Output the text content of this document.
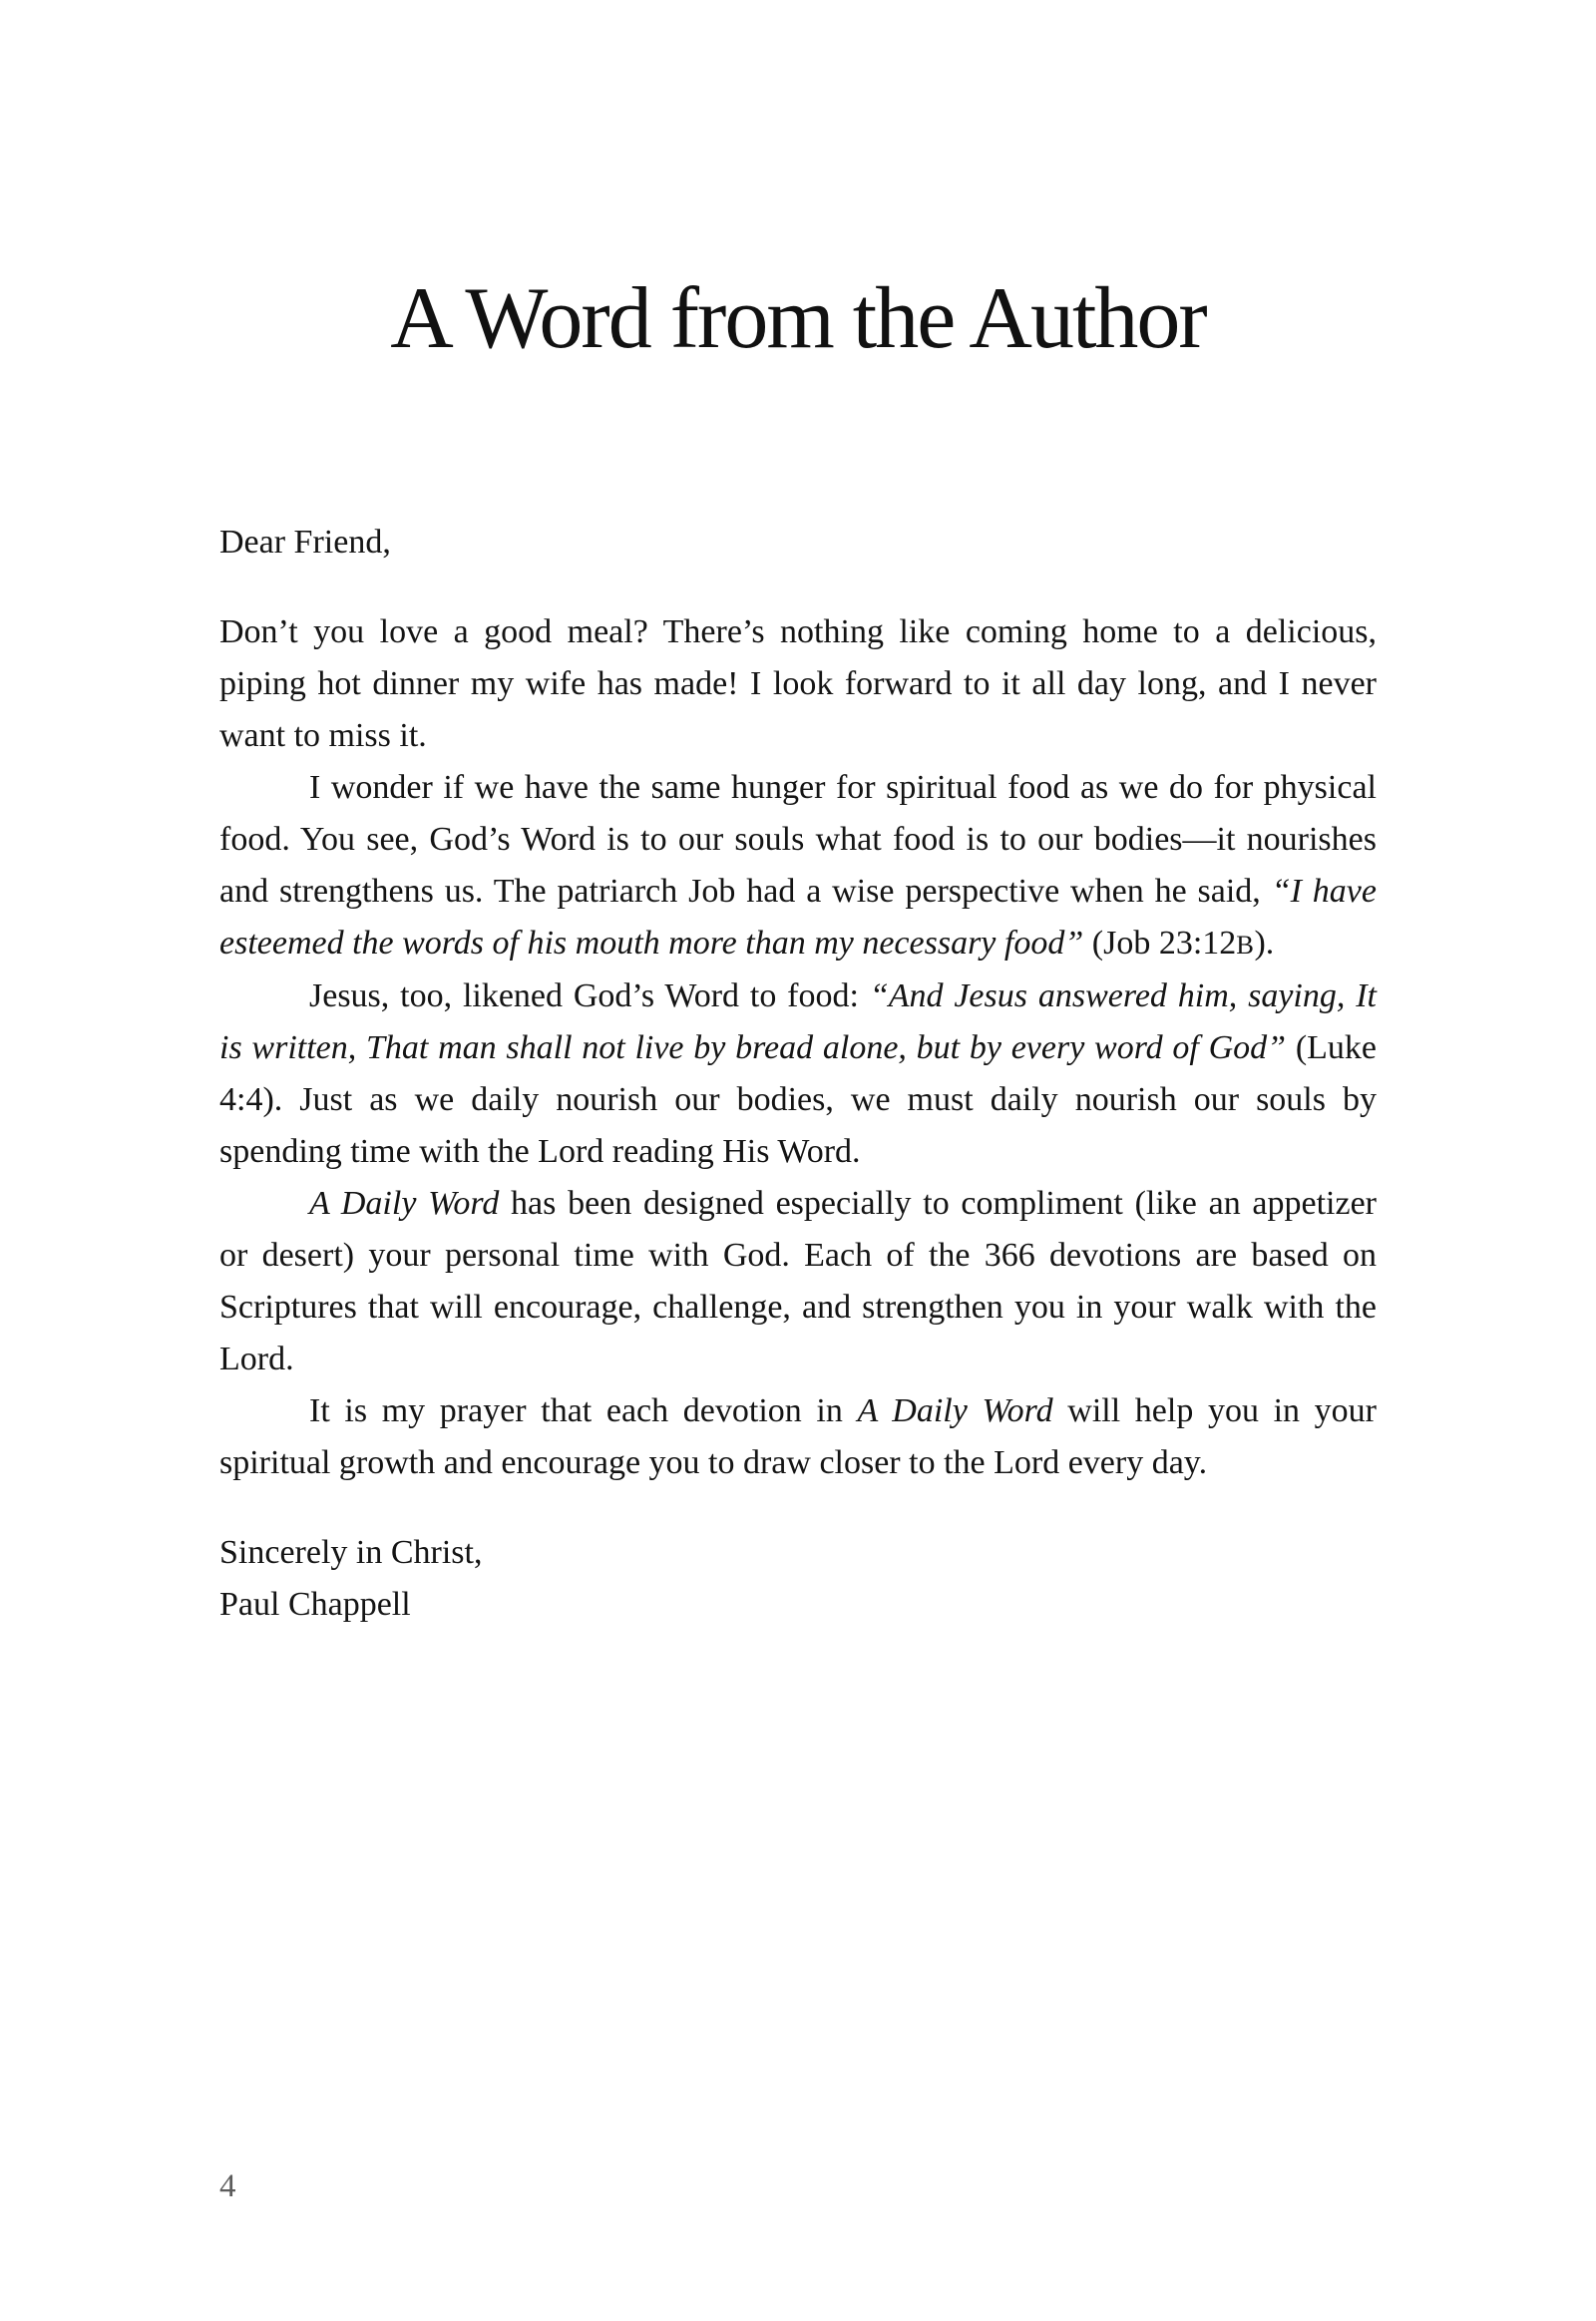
A Word from the Author

Dear Friend,

Don’t you love a good meal? There’s nothing like coming home to a delicious, piping hot dinner my wife has made! I look forward to it all day long, and I never want to miss it.

I wonder if we have the same hunger for spiritual food as we do for physical food. You see, God’s Word is to our souls what food is to our bodies—it nourishes and strengthens us. The patriarch Job had a wise perspective when he said, “I have esteemed the words of his mouth more than my necessary food” (Job 23:12B).

Jesus, too, likened God’s Word to food: “And Jesus answered him, saying, It is written, That man shall not live by bread alone, but by every word of God” (Luke 4:4). Just as we daily nourish our bodies, we must daily nourish our souls by spending time with the Lord reading His Word.

A Daily Word has been designed especially to compliment (like an appetizer or desert) your personal time with God. Each of the 366 devotions are based on Scriptures that will encourage, challenge, and strengthen you in your walk with the Lord.

It is my prayer that each devotion in A Daily Word will help you in your spiritual growth and encourage you to draw closer to the Lord every day.

Sincerely in Christ,

Paul Chappell

4
